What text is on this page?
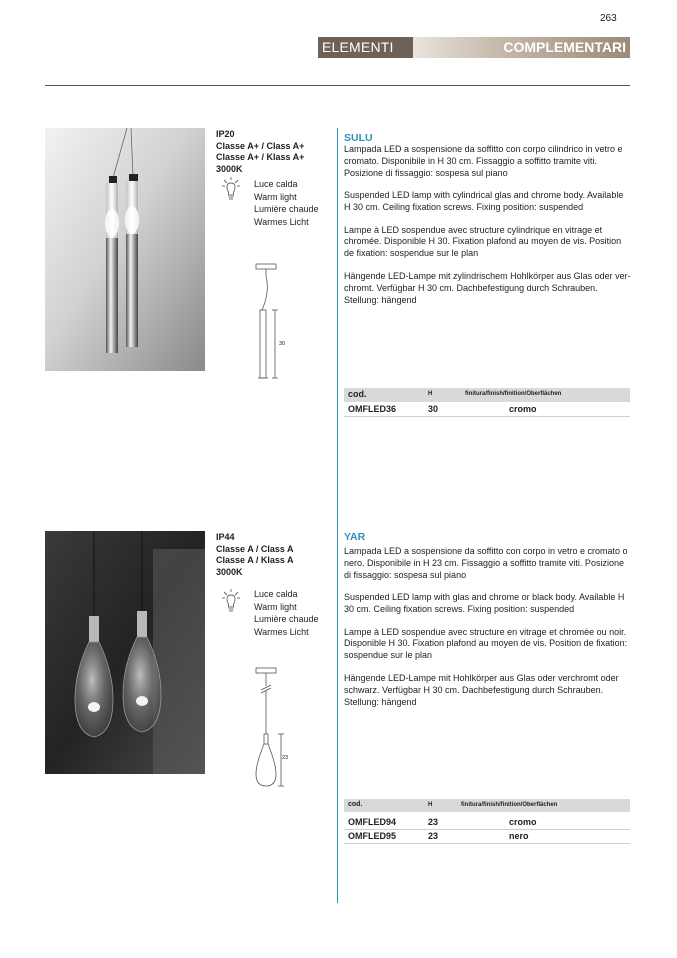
263
ELEMENTI	COMPLEMENTARI
IP20
Classe A+ / Class A+
Classe A+ / Klass A+
3000K
Luce calda
Warm light
Lumière chaude
Warmes Licht
30
SULU

Lampada LED a sospensione da soffitto con corpo cilindrico in vetro e cromato. Disponibile in H 30 cm. Fissaggio a soffitto tramite viti. Posizione di fissaggio: sospesa sul piano

Suspended LED lamp with cylindrical glas and chrome body. Available H 30 cm. Ceiling fixation screws. Fixing position: suspended

Lampe à LED sospendue avec structure cylindrique en vitrage et chromée. Disponible H 30. Fixation plafond au moyen de vis. Position de fixation: sospendue sur le plan

Hängende LED-Lampe mit zylindrischem Hohlkörper aus Glas oder ver-chromt. Verfügbar H 30 cm. Dachbefestigung durch Schrauben. Stellung: hängend

cod.	H	finitura/finish/finition/Oberflächen
OMFLED36	30	cromo
IP44
Classe A / Class A
Classe A / Klass A
3000K
Luce calda
Warm light
Lumière chaude
Warmes Licht
23
YAR

Lampada LED a sospensione da soffitto con corpo in vetro e cromato o nero. Disponibile in H 23 cm. Fissaggio a soffitto tramite viti. Posizione di fissaggio: sospesa sul piano

Suspended LED lamp with glas and chrome or black body. Available H 30 cm. Ceiling fixation screws. Fixing position: suspended

Lampe à LED sospendue avec structure en vitrage et chromée ou noir. Disponible H 30. Fixation plafond au moyen de vis. Position de fixation: sospendue sur le plan

Hängende LED-Lampe mit Hohlkörper aus Glas oder verchromt oder schwarz. Verfügbar H 30 cm. Dachbefestigung durch Schrauben. Stellung: hängend

cod.	H	finitura/finish/finition/Oberflächen
OMFLED94	23	cromo
OMFLED95	23	nero
